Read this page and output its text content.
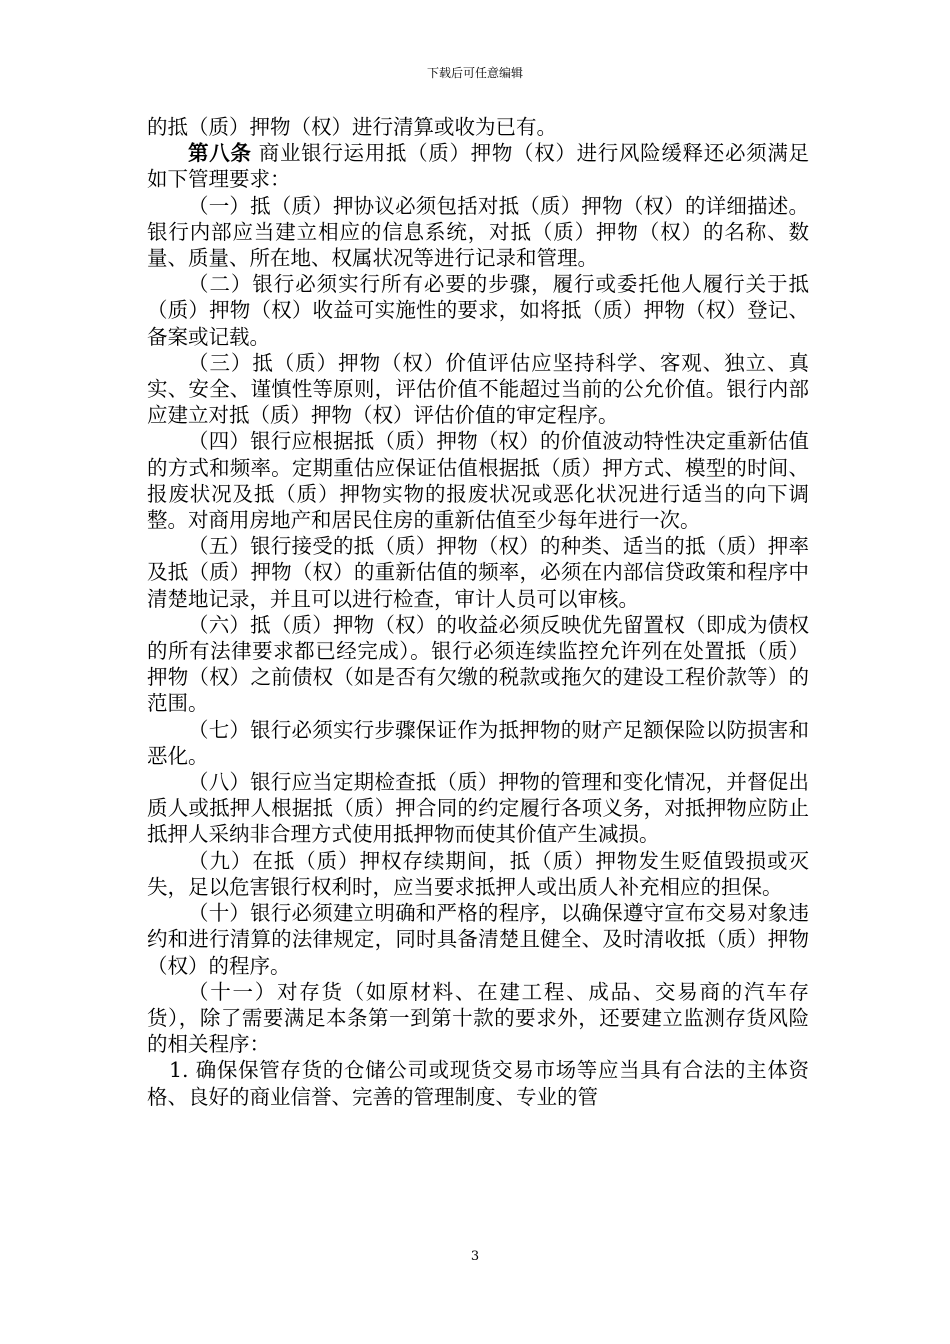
下载后可任意编辑

的抵（质）押物（权）进行清算或收为已有。

第八条 商业银行运用抵（质）押物（权）进行风险缓释还必须满足如下管理要求：

（一）抵（质）押协议必须包括对抵（质）押物（权）的详细描述。银行内部应当建立相应的信息系统，对抵（质）押物（权）的名称、数量、质量、所在地、权属状况等进行记录和管理。

（二）银行必须实行所有必要的步骤，履行或委托他人履行关于抵（质）押物（权）收益可实施性的要求，如将抵（质）押物（权）登记、备案或记载。

（三）抵（质）押物（权）价值评估应坚持科学、客观、独立、真实、安全、谨慎性等原则，评估价值不能超过当前的公允价值。银行内部应建立对抵（质）押物（权）评估价值的审定程序。

（四）银行应根据抵（质）押物（权）的价值波动特性决定重新估值的方式和频率。定期重估应保证估值根据抵（质）押方式、模型的时间、报废状况及抵（质）押物实物的报废状况或恶化状况进行适当的向下调整。对商用房地产和居民住房的重新估值至少每年进行一次。

（五）银行接受的抵（质）押物（权）的种类、适当的抵（质）押率及抵（质）押物（权）的重新估值的频率，必须在内部信贷政策和程序中清楚地记录，并且可以进行检查，审计人员可以审核。

（六）抵（质）押物（权）的收益必须反映优先留置权（即成为债权的所有法律要求都已经完成）。银行必须连续监控允许列在处置抵（质）押物（权）之前债权（如是否有欠缴的税款或拖欠的建设工程价款等）的范围。

（七）银行必须实行步骤保证作为抵押物的财产足额保险以防损害和恶化。

（八）银行应当定期检查抵（质）押物的管理和变化情况，并督促出质人或抵押人根据抵（质）押合同的约定履行各项义务，对抵押物应防止抵押人采纳非合理方式使用抵押物而使其价值产生减损。

（九）在抵（质）押权存续期间，抵（质）押物发生贬值毁损或灭失，足以危害银行权利时，应当要求抵押人或出质人补充相应的担保。

（十）银行必须建立明确和严格的程序，以确保遵守宣布交易对象违约和进行清算的法律规定，同时具备清楚且健全、及时清收抵（质）押物（权）的程序。

（十一）对存货（如原材料、在建工程、成品、交易商的汽车存货），除了需要满足本条第一到第十款的要求外，还要建立监测存货风险的相关程序：

1. 确保保管存货的仓储公司或现货交易市场等应当具有合法的主体资格、良好的商业信誉、完善的管理制度、专业的管

3
